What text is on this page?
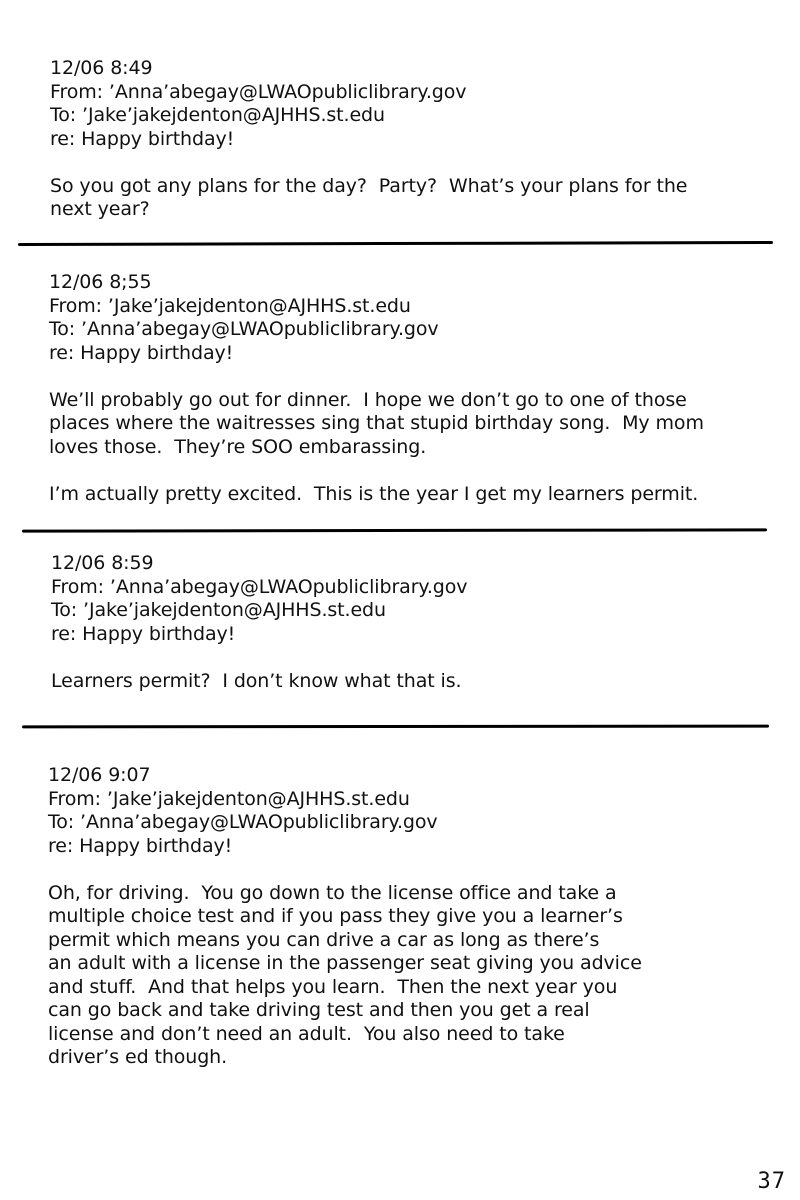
12/06 8:49
From: ’Anna’abegay@LWAOpubliclibrary.gov
To: ’Jake’jakejdenton@AJHHS.st.edu
re: Happy birthday!
So you got any plans for the day?  Party?  What’s your plans for the
next year?
12/06 8;55
From: ’Jake’jakejdenton@AJHHS.st.edu
To: ’Anna’abegay@LWAOpubliclibrary.gov
re: Happy birthday!
We’ll probably go out for dinner.  I hope we don’t go to one of those
places where the waitresses sing that stupid birthday song.  My mom
loves those.  They’re SOO embarassing.
I’m actually pretty excited.  This is the year I get my learners permit.
12/06 8:59
From: ’Anna’abegay@LWAOpubliclibrary.gov
To: ’Jake’jakejdenton@AJHHS.st.edu
re: Happy birthday!
Learners permit?  I don’t know what that is.
12/06 9:07
From: ’Jake’jakejdenton@AJHHS.st.edu
To: ’Anna’abegay@LWAOpubliclibrary.gov
re: Happy birthday!
Oh, for driving.  You go down to the license office and take a
multiple choice test and if you pass they give you a learner’s
permit which means you can drive a car as long as there’s
an adult with a license in the passenger seat giving you advice
and stuff.  And that helps you learn.  Then the next year you
can go back and take driving test and then you get a real
license and don’t need an adult.  You also need to take
driver’s ed though.
37
